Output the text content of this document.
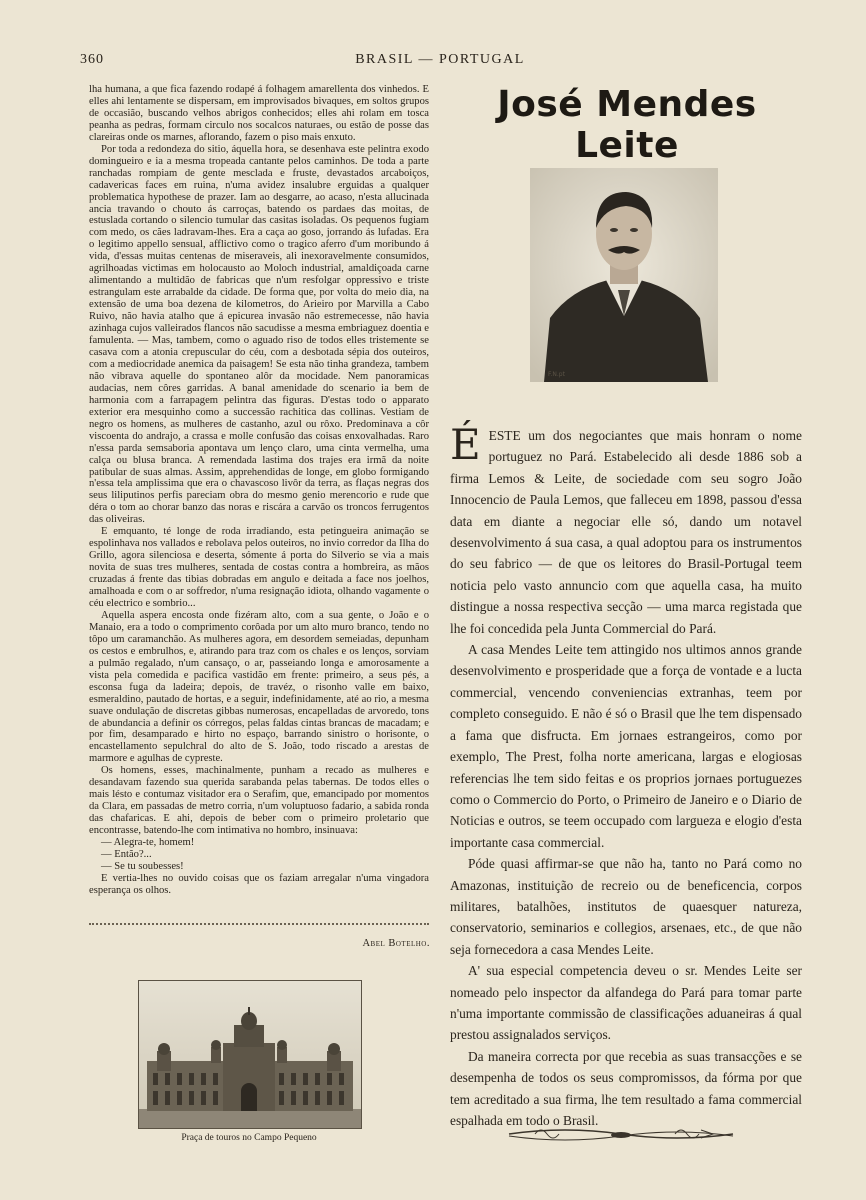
360	BRASIL — PORTUGAL

lha humana, a que fica fazendo rodapé á folhagem amarellenta dos vinhedos. E elles ahi lentamente se dispersam, em improvisados bivaques, em soltos grupos de occasião, buscando velhos abrigos conhecidos; elles ahi rolam em tosca peanha as pedras, formam circulo nos socalcos naturaes, ou estão de posse das clareiras onde os marnes, aflorando, fazem o piso mais enxuto.

Por toda a redondeza do sitio, áquella hora, se desenhava este pelintra exodo domingueiro e ia a mesma tropeada cantante pelos caminhos. De toda a parte ranchadas rompiam de gente mesclada e fruste, devastados arcaboiços, cadavericas faces em ruina, n'uma avidez insalubre erguidas a qualquer problematica hypothese de prazer. Iam ao desgarre, ao acaso, n'esta allucinada ancia travando o chouto ás carroças, batendo os pardaes das moitas, de estuslada cortando o silencio tumular das casitas isoladas. Os pequenos fugiam com medo, os cães ladravam-lhes. Era a caça ao goso, jorrando ás lufadas. Era o legitimo appello sensual, afflictivo como o tragico aferro d'um moribundo á vida, d'essas muitas centenas de miseraveis, ali inexoravelmente consumidos, agrilhoadas victimas em holocausto ao Moloch industrial, amaldiçoada carne alimentando a multidão de fabricas que n'um resfolgar oppressivo e triste estrangulam este arrabalde da cidade. De forma que, por volta do meio dia, na extensão de uma boa dezena de kilometros, do Arieiro por Marvilla a Cabo Ruivo, não havia atalho que á epicurea invasão não estremecesse, não havia azinhaga cujos valleirados flancos não sacudisse a mesma embriaguez doentia e famulenta. — Mas, tambem, como o aguado riso de todos elles tristemente se casava com a atonia crepuscular do céu, com a desbotada sépia dos outeiros, com a mediocridade anemica da paisagem! Se esta não tinha grandeza, tambem não vibrava aquelle do spontaneo alôr da mocidade. Nem panoramicas audacias, nem côres garridas. A banal amenidade do scenario ia bem de harmonia com a farrapagem pelintra das figuras. D'estas todo o apparato exterior era mesquinho como a successão rachitica das collinas. Vestiam de negro os homens, as mulheres de castanho, azul ou rôxo. Predominava a côr viscoenta do andrajo, a crassa e molle confusão das coisas enxovalhadas. Raro n'essa parda semsaboria apontava um lenço claro, uma cinta vermelha, uma calça ou blusa branca. A remendada lastima dos trajes era irmã da noite patibular de suas almas. Assim, apprehendidas de longe, em globo formigando n'essa tela amplissima que era o chavascoso livôr da terra, as flaças negras dos seus liliputinos perfis pareciam obra do mesmo genio merencorio e rude que déra o tom ao chorar banzo das noras e riscára a carvão os troncos ferrugentos das oliveiras.

E emquanto, té longe de roda irradiando, esta petingueira animação se espolinhava nos vallados e rebolava pelos outeiros, no invio corredor da Ilha do Grillo, agora silenciosa e deserta, sómente á porta do Silverio se via a mais novita de suas tres mulheres, sentada de costas contra a hombreira, as mãos cruzadas á frente das tibias dobradas em angulo e deitada a face nos joelhos, amalhoada e com o ar soffredor, n'uma resignação idiota, olhando vagamente o céu electrico e sombrio...

Aquella aspera encosta onde fizéram alto, com a sua gente, o João e o Manaio, era a todo o comprimento corôada por um alto muro branco, tendo no tôpo um caramanchão. As mulheres agora, em desordem semeiadas, depunham os cestos e embrulhos, e, atirando para traz com os chales e os lenços, sorviam a pulmão regalado, n'um cansaço, o ar, passeiando longa e amorosamente a vista pela comedida e pacifica vastidão em frente: primeiro, a seus pés, a esconsa fuga da ladeira; depois, de travéz, o risonho valle em baixo, esmeraldino, pautado de hortas, e a seguir, indefinidamente, até ao rio, a mesma suave ondulação de discretas gibbas numerosas, encapelladas de arvoredo, tons de abundancia a definir os córregos, pelas faldas cintas brancas de macadam; e por fim, desamparado e hirto no espaço, barrando sinistro o horisonte, o encastellamento sepulchral do alto de S. João, todo riscado a arestas de marmore e agulhas de cypreste.

Os homens, esses, machinalmente, punham a recado as mulheres e desandavam fazendo sua querida sarabanda pelas tabernas. De todos elles o mais lésto e contumaz visitador era o Serafim, que, emancipado por momentos da Clara, em passadas de metro corria, n'um voluptuoso fadario, a sabida ronda das chafaricas. E ahi, depois de beber com o primeiro proletario que encontrasse, batendo-lhe com intimativa no hombro, insinuava:

— Alegra-te, homem!

— Então?...

— Se tu soubesses!

E vertia-lhes no ouvido coisas que os faziam arregalar n'uma vingadora esperança os olhos.

Abel Botelho.
Praça de touros no Campo Pequeno
José Mendes Leite
F.N.pt

ÉESTE um dos negociantes que mais honram o nome portuguez no Pará. Estabelecido ali desde 1886 sob a firma Lemos & Leite, de sociedade com seu sogro João Innocencio de Paula Lemos, que falleceu em 1898, passou d'essa data em diante a negociar elle só, dando um notavel desenvolvimento á sua casa, a qual adoptou para os instrumentos do seu fabrico — de que os leitores do Brasil-Portugal teem noticia pelo vasto annuncio com que aquella casa, ha muito distingue a nossa respectiva secção — uma marca registada que lhe foi concedida pela Junta Commercial do Pará.

A casa Mendes Leite tem attingido nos ultimos annos grande desenvolvimento e prosperidade que a força de vontade e a lucta commercial, vencendo conveniencias extranhas, teem por completo conseguido. E não é só o Brasil que lhe tem dispensado a fama que disfructa. Em jornaes estrangeiros, como por exemplo, The Prest, folha norte americana, largas e elogiosas referencias lhe tem sido feitas e os proprios jornaes portuguezes como o Commercio do Porto, o Primeiro de Janeiro e o Diario de Noticias e outros, se teem occupado com largueza e elogio d'esta importante casa commercial.

Póde quasi affirmar-se que não ha, tanto no Pará como no Amazonas, instituição de recreio ou de beneficencia, corpos militares, batalhões, institutos de quaesquer natureza, conservatorio, seminarios e collegios, arsenaes, etc., de que não seja fornecedora a casa Mendes Leite.

A' sua especial competencia deveu o sr. Mendes Leite ser nomeado pelo inspector da alfandega do Pará para tomar parte n'uma importante commissão de classificações aduaneiras á qual prestou assignalados serviços.

Da maneira correcta por que recebia as suas transacções e se desempenha de todos os seus compromissos, da fórma por que tem acreditado a sua firma, lhe tem resultado a fama commercial espalhada em todo o Brasil.
